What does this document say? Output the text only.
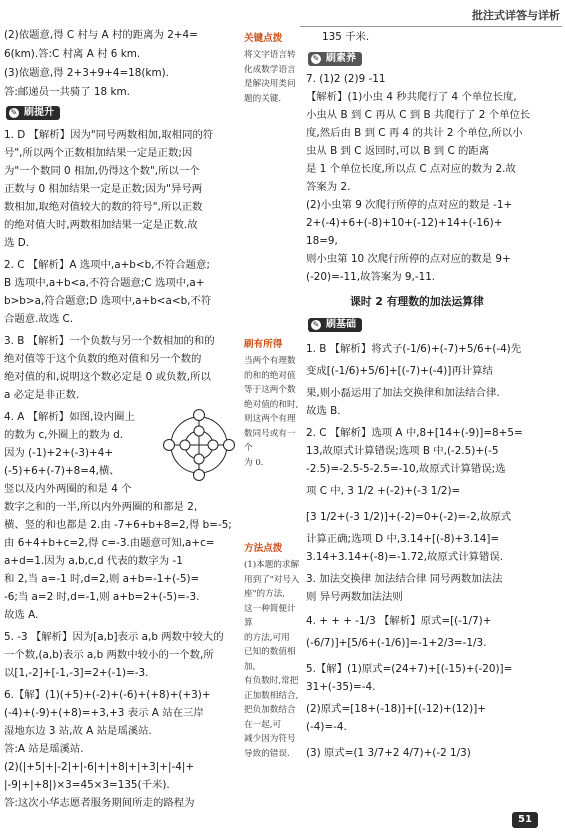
批注式详答与详析
(2)依题意,得 C 村与 A 村的距离为 2+4=
6(km).答:C 村离 A 村 6 km.
(3)依题意,得 2+3+9+4=18(km).
答:邮递员一共骑了 18 km.
✎ 刷提升
1. D 【解析】因为"同号两数相加,取相同的符
号",所以两个正数相加结果一定是正数;因
为"一个数同 0 相加,仍得这个数",所以一个
正数与 0 相加结果一定是正数;因为"异号两
数相加,取绝对值较大的数的符号",所以正数
的绝对值大时,两数相加结果一定是正数.故
选 D.
2. C 【解析】A 选项中,a+b<b,不符合题意;
B 选项中,a+b<a,不符合题意;C 选项中,a+
b>b>a,符合题意;D 选项中,a+b<a<b,不符
合题意.故选 C.
3. B 【解析】一个负数与另一个数相加的和的
绝对值等于这个负数的绝对值和另一个数的
绝对值的和,说明这个数必定是 0 或负数,所以
a 必定是非正数.
4. A 【解析】如图,设内圈上
的数为 c,外圈上的数为 d.
因为 (-1)+2+(-3)+4+
(-5)+6+(-7)+8=4,横、
竖以及内外两圈的和是 4 个
数字之和的一半,所以内外两圈的和都是 2,
横、竖的和也都是 2.由 -7+6+b+8=2,得 b=-5;
由 6+4+b+c=2,得 c=-3.由题意可知,a+c=
a+d=1.因为 a,b,c,d 代表的数字为 -1
和 2,当 a=-1 时,d=2,则 a+b=-1+(-5)=
-6;当 a=2 时,d=-1,则 a+b=2+(-5)=-3.
故选 A.
5. -3 【解析】因为[a,b]表示 a,b 两数中较大的
一个数,(a,b)表示 a,b 两数中较小的一个数,所
以[1,-2]+[-1,-3]=2+(-1)=-3.
6.【解】(1)(+5)+(-2)+(-6)+(+8)+(+3)+
(-4)+(-9)+(+8)=+3,+3 表示 A 站在三岸
湿地东边 3 站,故 A 站是瑶溪站.
答:A 站是瑶溪站.
(2)(|+5|+|-2|+|-6|+|+8|+|+3|+|-4|+
|-9|+|+8|)×3=45×3=135(千米).
答:这次小华志愿者服务期间所走的路程为
关键点拨
将文字语言转
化成数学语言
是解决用类问
题的关键.
刷有所得
当两个有理数
的和的绝对值
等于这两个数
绝对值的和时,
则这两个有理
数同号或有一个
为 0.
方法点拨
(1)本题的求解
用到了"对号入
座"的方法,
这一种简便计算
的方法,可用
已知的数值相加,
有负数时,常把
正加数相结合,
把负加数结合
在一起,可
减少因为符号
导致的错误.
135 千米.
✎ 刷素养
7. (1)2 (2)9 -11
【解析】(1)小虫 4 秒共爬行了 4 个单位长度,
小虫从 B 到 C 再从 C 到 B 共爬行了 2 个单位长
度,然后由 B 到 C 再 4 的共计 2 个单位,所以小
虫从 B 到 C 返回时,可以 B 到 C 的距离
是 1 个单位长度,所以点 C 点对应的数为 2.故
答案为 2.
(2)小虫第 9 次爬行所停的点对应的数是 -1+
2+(-4)+6+(-8)+10+(-12)+14+(-16)+
18=9,
则小虫第 10 次爬行所停的点对应的数是 9+
(-20)=-11,故答案为 9,-11.
课时 2 有理数的加法运算律
✎ 刷基础
1. B 【解析】将式子(-1/6)+(-7)+5/6+(-4)先
变成[(-1/6)+5/6]+[(-7)+(-4)]再计算结
果,则小磊运用了加法交换律和加法结合律.
故选 B.
2. C 【解析】选项 A 中,8+[14+(-9)]=8+5=
13,故原式计算错误;选项 B 中,(-2.5)+(-5
-2.5)=-2.5-5-2.5=-10,故原式计算错误;选
项 C 中, 3 1/2 +(-2)+(-3 1/2)=
[3 1/2+(-3 1/2)]+(-2)=0+(-2)=-2,故原式
计算正确;选项 D 中,3.14+[(-8)+3.14]=
3.14+3.14+(-8)=-1.72,故原式计算错误.
3. 加法交换律 加法结合律 同号两数加法法
则 异号两数加法法则
4. + + + -1/3 【解析】原式=[(-1/7)+
(-6/7)]+[5/6+(-1/6)]=-1+2/3=-1/3.
5.【解】(1)原式=(24+7)+[(-15)+(-20)]=
31+(-35)=-4.
(2)原式=[18+(-18)]+[(-12)+(12)]+
(-4)=-4.
(3) 原式=(1 3/7+2 4/7)+(-2 1/3)
51
